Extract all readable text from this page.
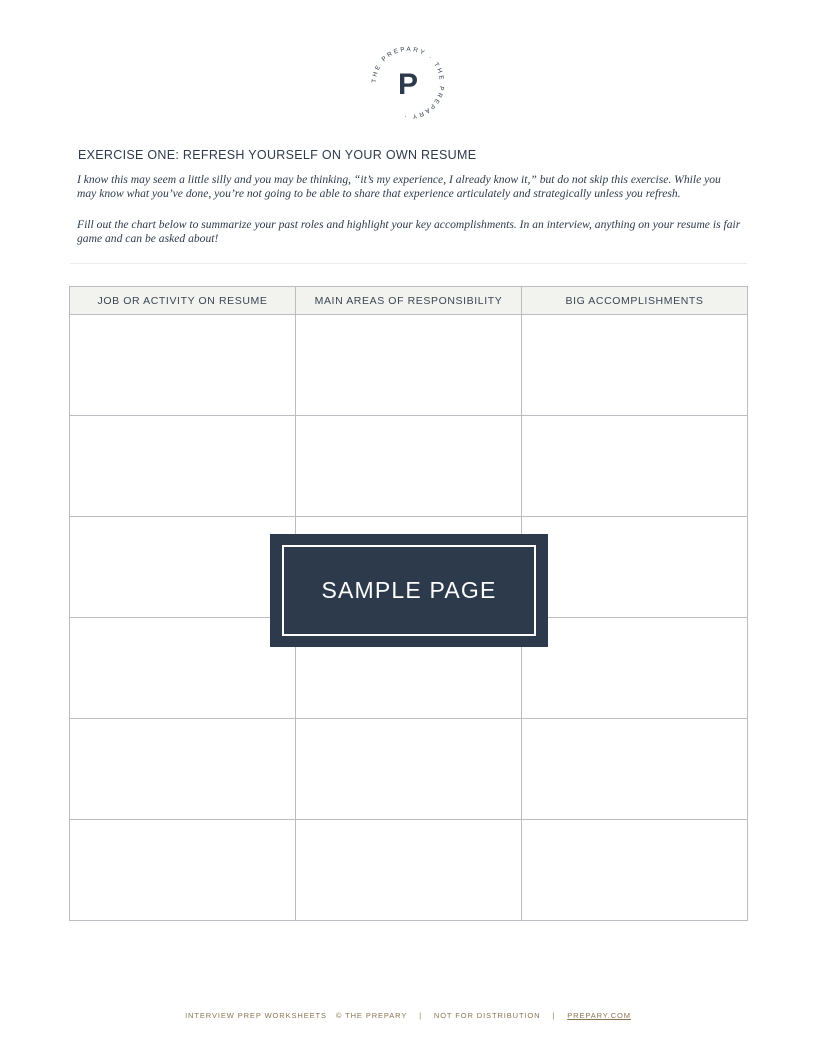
THE PREPARY · THE PREPARY ·
P
EXERCISE ONE: REFRESH YOURSELF ON YOUR OWN RESUME
I know this may seem a little silly and you may be thinking, “it’s my experience, I already know it,” but do not skip this exercise. While you may know what you’ve done, you’re not going to be able to share that experience articulately and strategically unless you refresh.
Fill out the chart below to summarize your past roles and highlight your key accomplishments. In an interview, anything on your resume is fair game and can be asked about!
JOB OR ACTIVITY ON RESUME	MAIN AREAS OF RESPONSIBILITY	BIG ACCOMPLISHMENTS

SAMPLE PAGE
INTERVIEW PREP WORKSHEETS   © THE PREPARY | NOT FOR DISTRIBUTION | PREPARY.COM
